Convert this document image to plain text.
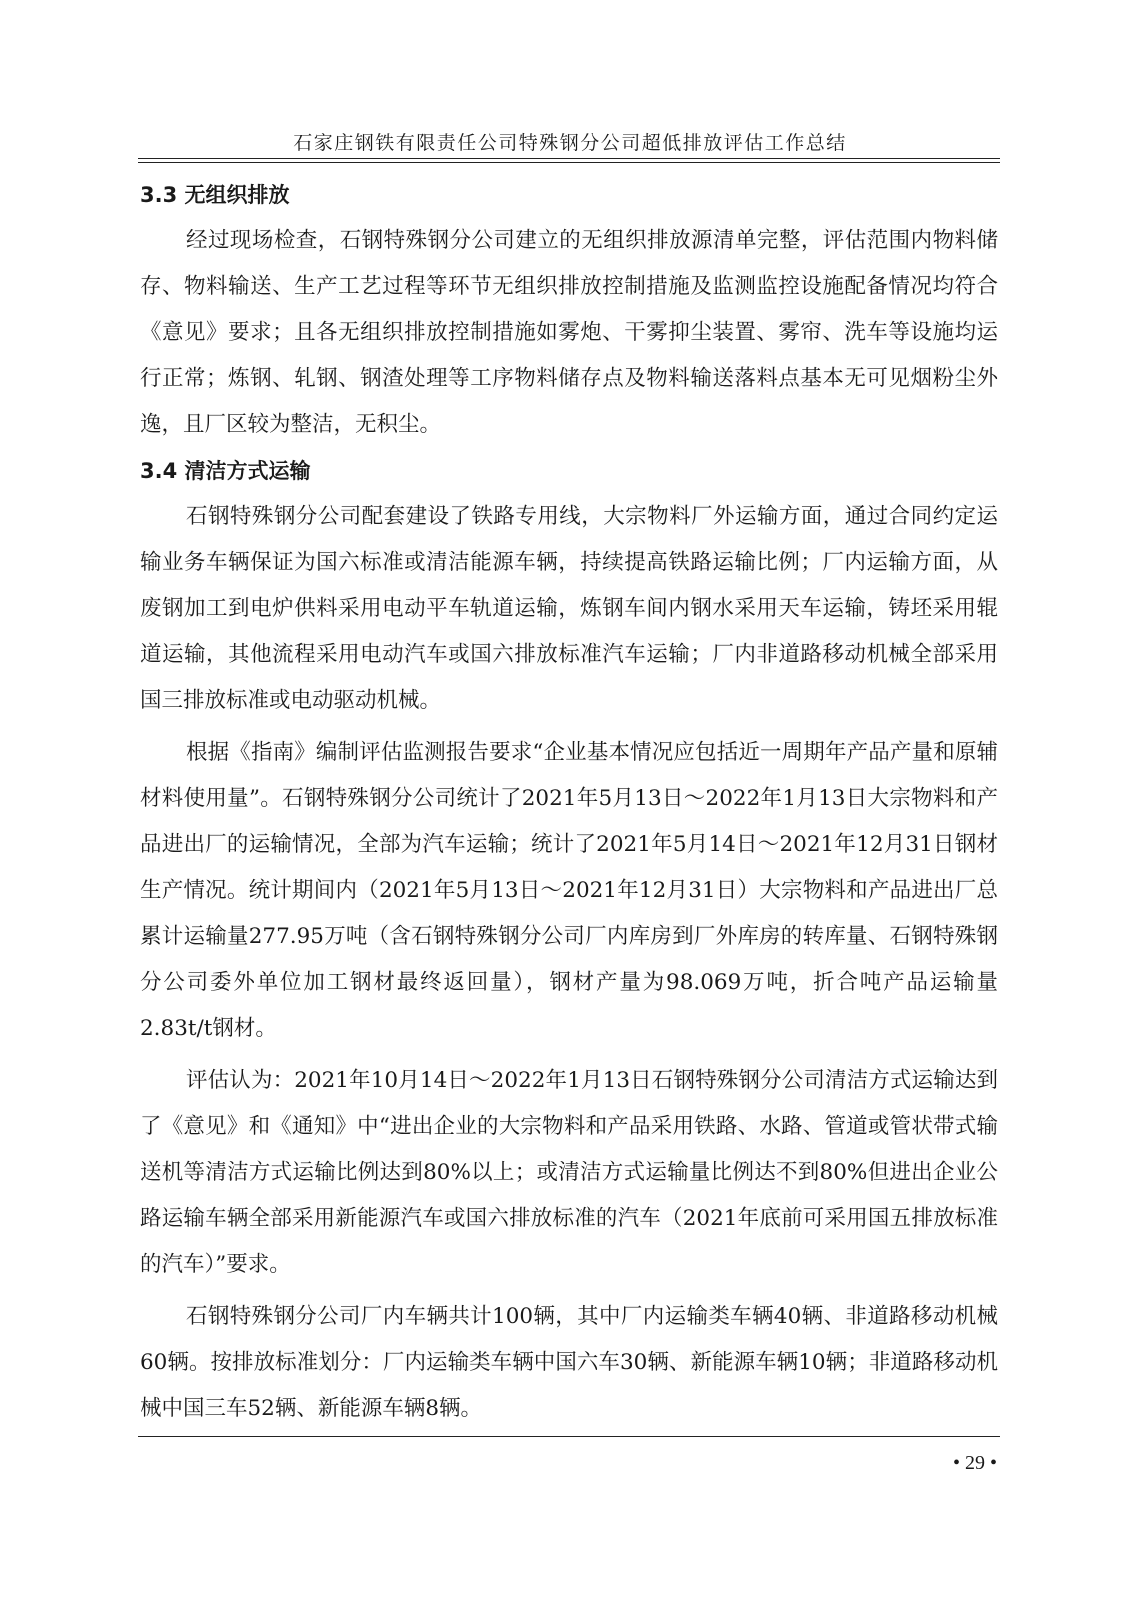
石家庄钢铁有限责任公司特殊钢分公司超低排放评估工作总结
3.3 无组织排放

经过现场检查，石钢特殊钢分公司建立的无组织排放源清单完整，评估范围内物料储存、物料输送、生产工艺过程等环节无组织排放控制措施及监测监控设施配备情况均符合《意见》要求；且各无组织排放控制措施如雾炮、干雾抑尘装置、雾帘、洗车等设施均运行正常；炼钢、轧钢、钢渣处理等工序物料储存点及物料输送落料点基本无可见烟粉尘外逸，且厂区较为整洁，无积尘。

3.4 清洁方式运输

石钢特殊钢分公司配套建设了铁路专用线，大宗物料厂外运输方面，通过合同约定运输业务车辆保证为国六标准或清洁能源车辆，持续提高铁路运输比例；厂内运输方面，从废钢加工到电炉供料采用电动平车轨道运输，炼钢车间内钢水采用天车运输，铸坯采用辊道运输，其他流程采用电动汽车或国六排放标准汽车运输；厂内非道路移动机械全部采用国三排放标准或电动驱动机械。

根据《指南》编制评估监测报告要求“企业基本情况应包括近一周期年产品产量和原辅材料使用量”。石钢特殊钢分公司统计了2021年5月13日～2022年1月13日大宗物料和产品进出厂的运输情况，全部为汽车运输；统计了2021年5月14日～2021年12月31日钢材生产情况。统计期间内（2021年5月13日～2021年12月31日）大宗物料和产品进出厂总累计运输量277.95万吨（含石钢特殊钢分公司厂内库房到厂外库房的转库量、石钢特殊钢分公司委外单位加工钢材最终返回量），钢材产量为98.069万吨，折合吨产品运输量2.83t/t钢材。

评估认为：2021年10月14日～2022年1月13日石钢特殊钢分公司清洁方式运输达到了《意见》和《通知》中“进出企业的大宗物料和产品采用铁路、水路、管道或管状带式输送机等清洁方式运输比例达到80%以上；或清洁方式运输量比例达不到80%但进出企业公路运输车辆全部采用新能源汽车或国六排放标准的汽车（2021年底前可采用国五排放标准的汽车）”要求。

石钢特殊钢分公司厂内车辆共计100辆，其中厂内运输类车辆40辆、非道路移动机械60辆。按排放标准划分：厂内运输类车辆中国六车30辆、新能源车辆10辆；非道路移动机械中国三车52辆、新能源车辆8辆。

• 29 •
